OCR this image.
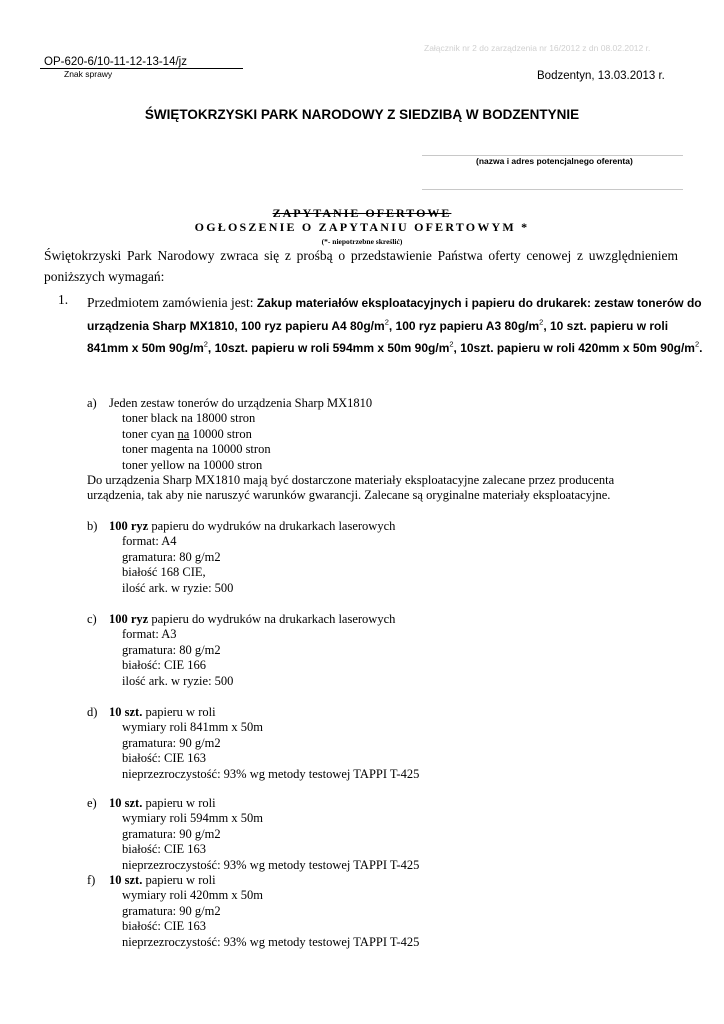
Załącznik nr 2 do zarządzenia nr 16/2012 z dn 08.02.2012 r.
OP-620-6/10-11-12-13-14/jz
Znak sprawy	Bodzentyn, 13.03.2013 r.
ŚWIĘTOKRZYSKI PARK NARODOWY Z SIEDZIBĄ W BODZENTYNIE
(nazwa i adres potencjalnego oferenta)
ZAPYTANIE OFERTOWE
OGŁOSZENIE O ZAPYTANIU OFERTOWYM *
(*- niepotrzebne skreślić)
Świętokrzyski Park Narodowy zwraca się z prośbą o przedstawienie Państwa oferty cenowej z uwzględnieniem poniższych wymagań:
1. Przedmiotem zamówienia jest: Zakup materiałów eksploatacyjnych i papieru do drukarek: zestaw tonerów do urządzenia Sharp MX1810, 100 ryz papieru A4 $80g/m^2$, 100 ryz papieru A3 $80g/m^2$, 10 szt. papieru w roli 841mm x 50m $90g/m^2$, 10szt. papieru w roli 594mm x 50m $90g/m^2$, 10szt. papieru w roli 420mm x 50m $90g/m^2$.
a) Jeden zestaw tonerów do urządzenia Sharp MX1810
toner black na 18000 stron
toner cyan na 10000 stron
toner magenta na 10000 stron
toner yellow na 10000 stron
Do urządzenia Sharp MX1810 mają być dostarczone materiały eksploatacyjne zalecane przez producenta
urządzenia, tak aby nie naruszyć warunków gwarancji. Zalecane są oryginalne materiały eksploatacyjne.
b) 100 ryz papieru do wydruków na drukarkach laserowych
format: A4
gramatura: 80 g/m2
białość 168 CIE,
ilość ark. w ryzie: 500
c) 100 ryz papieru do wydruków na drukarkach laserowych
format: A3
gramatura: 80 g/m2
białość: CIE 166
ilość ark. w ryzie: 500
d) 10 szt. papieru w roli
wymiary roli 841mm x 50m
gramatura: 90 g/m2
białość: CIE 163
nieprzezroczystość: 93% wg metody testowej TAPPI T-425
e) 10 szt. papieru w roli
wymiary roli 594mm x 50m
gramatura: 90 g/m2
białość: CIE 163
nieprzezroczystość: 93% wg metody testowej TAPPI T-425
f)	10 szt. papieru w roli
wymiary roli 420mm x 50m
gramatura: 90 g/m2
białość: CIE 163
nieprzezroczystość: 93% wg metody testowej TAPPI T-425
